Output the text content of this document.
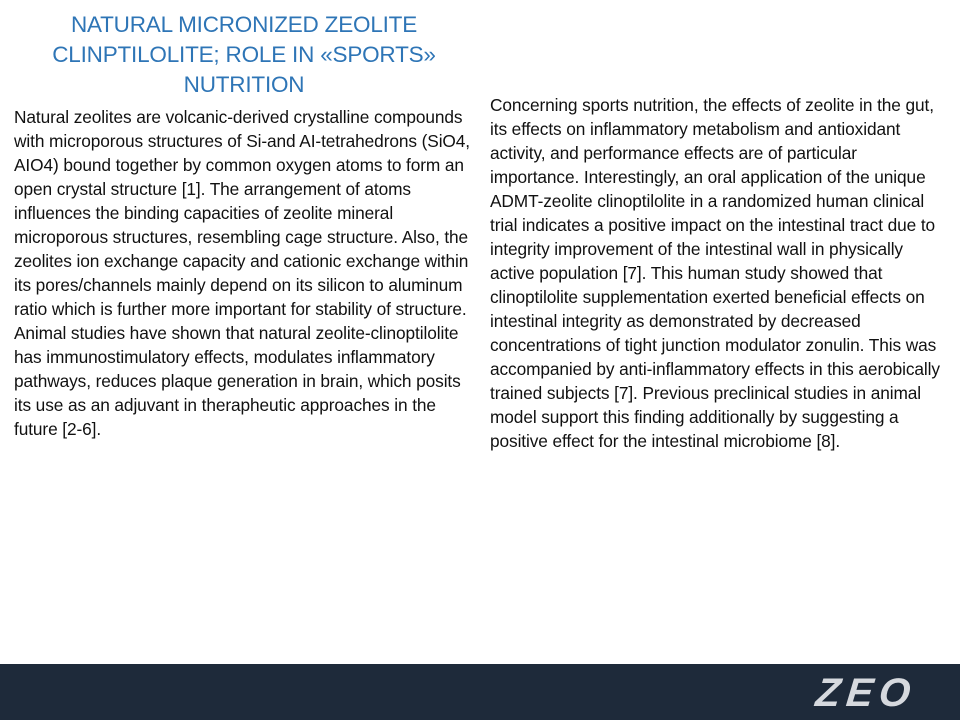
NATURAL MICRONIZED ZEOLITE CLINPTILOLITE; ROLE IN «SPORTS» NUTRITION

Natural zeolites are volcanic-derived crystalline compounds with microporous structures of Si-and AI-tetrahedrons (SiO4, AIO4) bound together by common oxygen atoms to form an open crystal structure [1]. The arrangement of atoms influences the binding capacities of zeolite mineral microporous structures, resembling cage structure. Also, the zeolites ion exchange capacity and cationic exchange within its pores/channels mainly depend on its silicon to aluminum ratio which is further more important for stability of structure. Animal studies have shown that natural zeolite-clinoptilolite has immunostimulatory effects, modulates inflammatory pathways, reduces plaque generation in brain, which posits its use as an adjuvant in therapheutic approaches in the future [2-6].

Concerning sports nutrition, the effects of zeolite in the gut, its effects on inflammatory metabolism and antioxidant activity, and performance effects are of particular importance. Interestingly, an oral application of the unique ADMT-zeolite clinoptilolite in a randomized human clinical trial indicates a positive impact on the intestinal tract due to integrity improvement of the intestinal wall in physically active population [7]. This human study showed that clinoptilolite supplementation exerted beneficial effects on intestinal integrity as demonstrated by decreased concentrations of tight junction modulator zonulin. This was accompanied by anti-inflammatory effects in this aerobically trained subjects [7]. Previous preclinical studies in animal model support this finding additionally by suggesting a positive effect for the intestinal microbiome [8].

ZEO
